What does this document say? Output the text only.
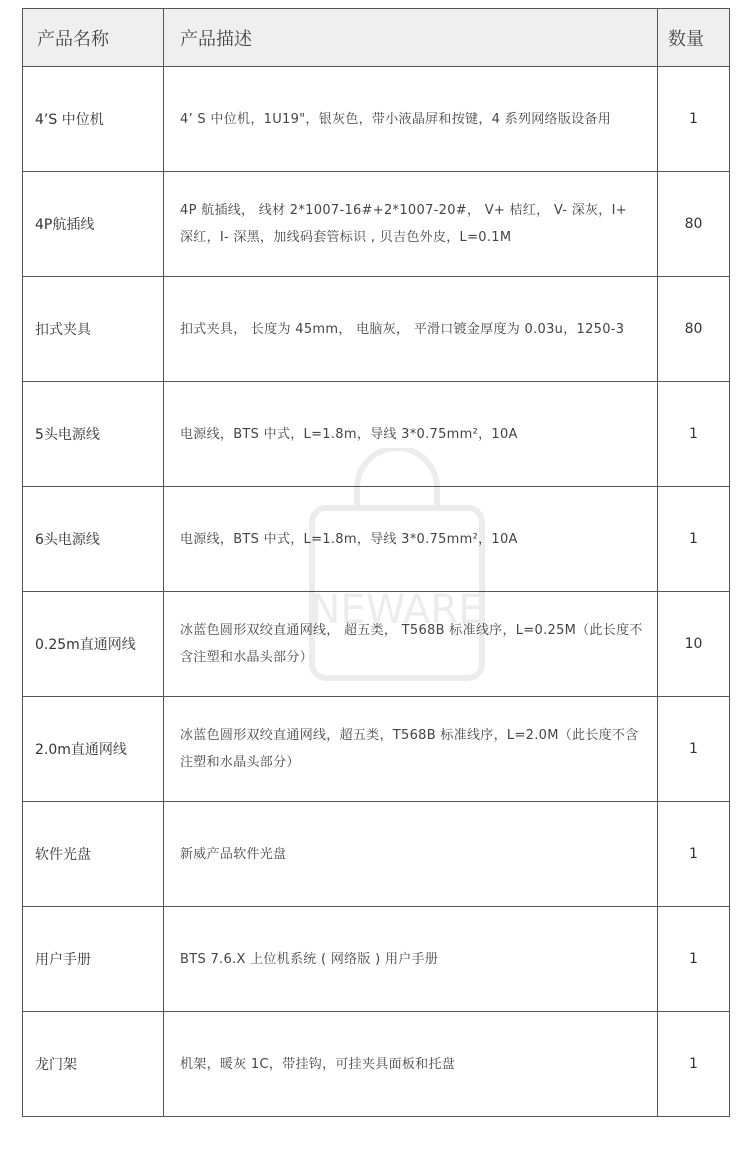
产品名称	产品描述	数量
4’S 中位机	4’ S 中位机，1U19"，银灰色，带小液晶屏和按键，4 系列网络版设备用	1
4P航插线	4P 航插线， 线材 2*1007-16#+2*1007-20#， V+ 桔红， V- 深灰，I+ 深红，I- 深黑，加线码套管标识 , 贝吉色外皮，L=0.1M	80
扣式夹具	扣式夹具， 长度为 45mm， 电脑灰， 平滑口镀金厚度为 0.03u，1250-3	80
5头电源线	电源线，BTS 中式，L=1.8m，导线 3*0.75mm²，10A	1
6头电源线	电源线，BTS 中式，L=1.8m，导线 3*0.75mm²，10A	1
0.25m直通网线	冰蓝色圆形双绞直通网线， 超五类， T568B 标准线序，L=0.25M（此长度不含注塑和水晶头部分）	10
2.0m直通网线	冰蓝色圆形双绞直通网线，超五类，T568B 标准线序，L=2.0M（此长度不含注塑和水晶头部分）	1
软件光盘	新威产品软件光盘	1
用户手册	BTS 7.6.X 上位机系统 ( 网络版 ) 用户手册	1
龙门架	机架，暖灰 1C，带挂钩，可挂夹具面板和托盘	1
NEWARE
